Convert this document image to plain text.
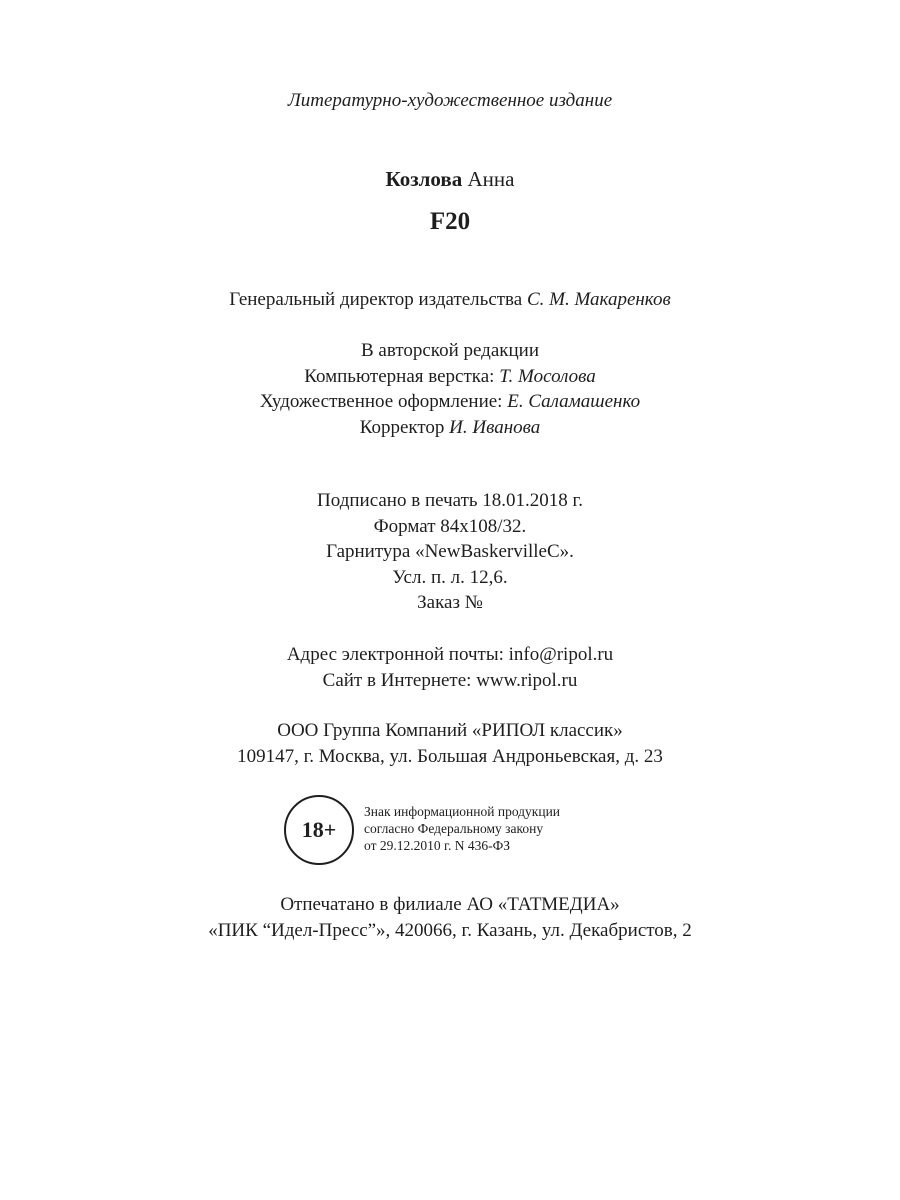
Литературно-художественное издание
Козлова Анна
F20
Генеральный директор издательства С. М. Макаренков
В авторской редакции
Компьютерная верстка: Т. Мосолова
Художественное оформление: Е. Саламашенко
Корректор И. Иванова
Подписано в печать 18.01.2018 г.
Формат 84x108/32.
Гарнитура «NewBaskervilleC».
Усл. п. л. 12,6.
Заказ №
Адрес электронной почты: info@ripol.ru
Сайт в Интернете: www.ripol.ru
ООО Группа Компаний «РИПОЛ классик»
109147, г. Москва, ул. Большая Андроньевская, д. 23
18+
Знак информационной продукции
согласно Федеральному закону
от 29.12.2010 г. N 436-ФЗ
Отпечатано в филиале АО «ТАТМЕДИА»
«ПИК “Идел-Пресс”», 420066, г. Казань, ул. Декабристов, 2
